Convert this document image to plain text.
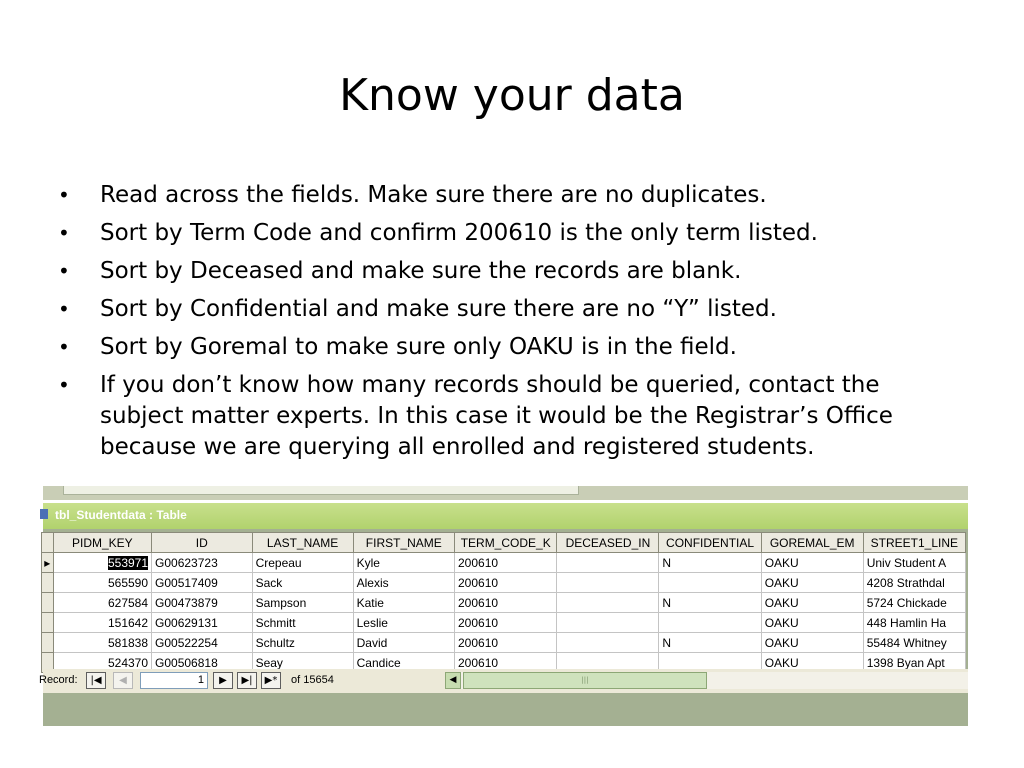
Know your data
• Read across the fields. Make sure there are no duplicates.
• Sort by Term Code and confirm 200610 is the only term listed.
• Sort by Deceased and make sure the records are blank.
• Sort by Confidential and make sure there are no “Y” listed.
• Sort by Goremal to make sure only OAKU is in the field.
• If you don’t know how many records should be queried, contact the subject matter experts. In this case it would be the Registrar’s Office because we are querying all enrolled and registered students.
tbl_Studentdata : Table
	PIDM_KEY	ID	LAST_NAME	FIRST_NAME	TERM_CODE_K	DECEASED_IN	CONFIDENTIAL	GOREMAL_EM	STREET1_LINE
▸	553971	G00623723	Crepeau	Kyle	200610		N	OAKU	Univ Student A
	565590	G00517409	Sack	Alexis	200610			OAKU	4208 Strathdal
	627584	G00473879	Sampson	Katie	200610		N	OAKU	5724 Chickade
	151642	G00629131	Schmitt	Leslie	200610			OAKU	448 Hamlin Ha
	581838	G00522254	Schultz	David	200610		N	OAKU	55484 Whitney
	524370	G00506818	Seay	Candice	200610			OAKU	1398 Byan Apt
Record:	|◀	◀	1	▶	▶|	▶*	of 15654	◀	|||
